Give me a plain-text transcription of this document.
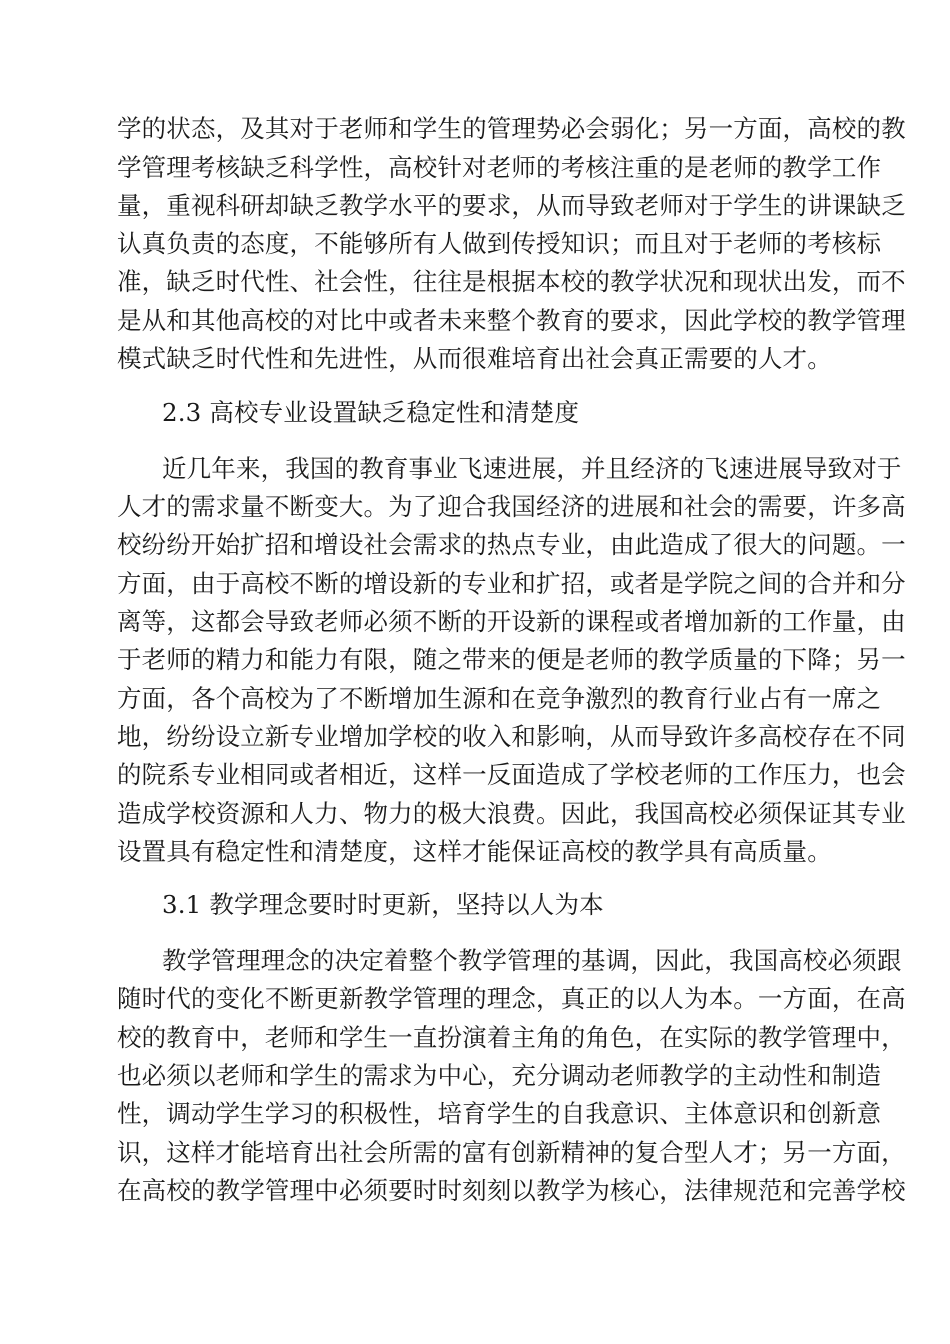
学的状态，及其对于老师和学生的管理势必会弱化；另一方面，高校的教
学管理考核缺乏科学性，高校针对老师的考核注重的是老师的教学工作
量，重视科研却缺乏教学水平的要求，从而导致老师对于学生的讲课缺乏
认真负责的态度，不能够所有人做到传授知识；而且对于老师的考核标
准，缺乏时代性、社会性，往往是根据本校的教学状况和现状出发，而不
是从和其他高校的对比中或者未来整个教育的要求，因此学校的教学管理
模式缺乏时代性和先进性，从而很难培育出社会真正需要的人才。
2.3 高校专业设置缺乏稳定性和清楚度
近几年来，我国的教育事业飞速进展，并且经济的飞速进展导致对于
人才的需求量不断变大。为了迎合我国经济的进展和社会的需要，许多高
校纷纷开始扩招和增设社会需求的热点专业，由此造成了很大的问题。一
方面，由于高校不断的增设新的专业和扩招，或者是学院之间的合并和分
离等，这都会导致老师必须不断的开设新的课程或者增加新的工作量，由
于老师的精力和能力有限，随之带来的便是老师的教学质量的下降；另一
方面，各个高校为了不断增加生源和在竞争激烈的教育行业占有一席之
地，纷纷设立新专业增加学校的收入和影响，从而导致许多高校存在不同
的院系专业相同或者相近，这样一反面造成了学校老师的工作压力，也会
造成学校资源和人力、物力的极大浪费。因此，我国高校必须保证其专业
设置具有稳定性和清楚度，这样才能保证高校的教学具有高质量。
3.1 教学理念要时时更新，坚持以人为本
教学管理理念的决定着整个教学管理的基调，因此，我国高校必须跟
随时代的变化不断更新教学管理的理念，真正的以人为本。一方面，在高
校的教育中，老师和学生一直扮演着主角的角色，在实际的教学管理中，
也必须以老师和学生的需求为中心，充分调动老师教学的主动性和制造
性，调动学生学习的积极性，培育学生的自我意识、主体意识和创新意
识，这样才能培育出社会所需的富有创新精神的复合型人才；另一方面，
在高校的教学管理中必须要时时刻刻以教学为核心，法律规范和完善学校
